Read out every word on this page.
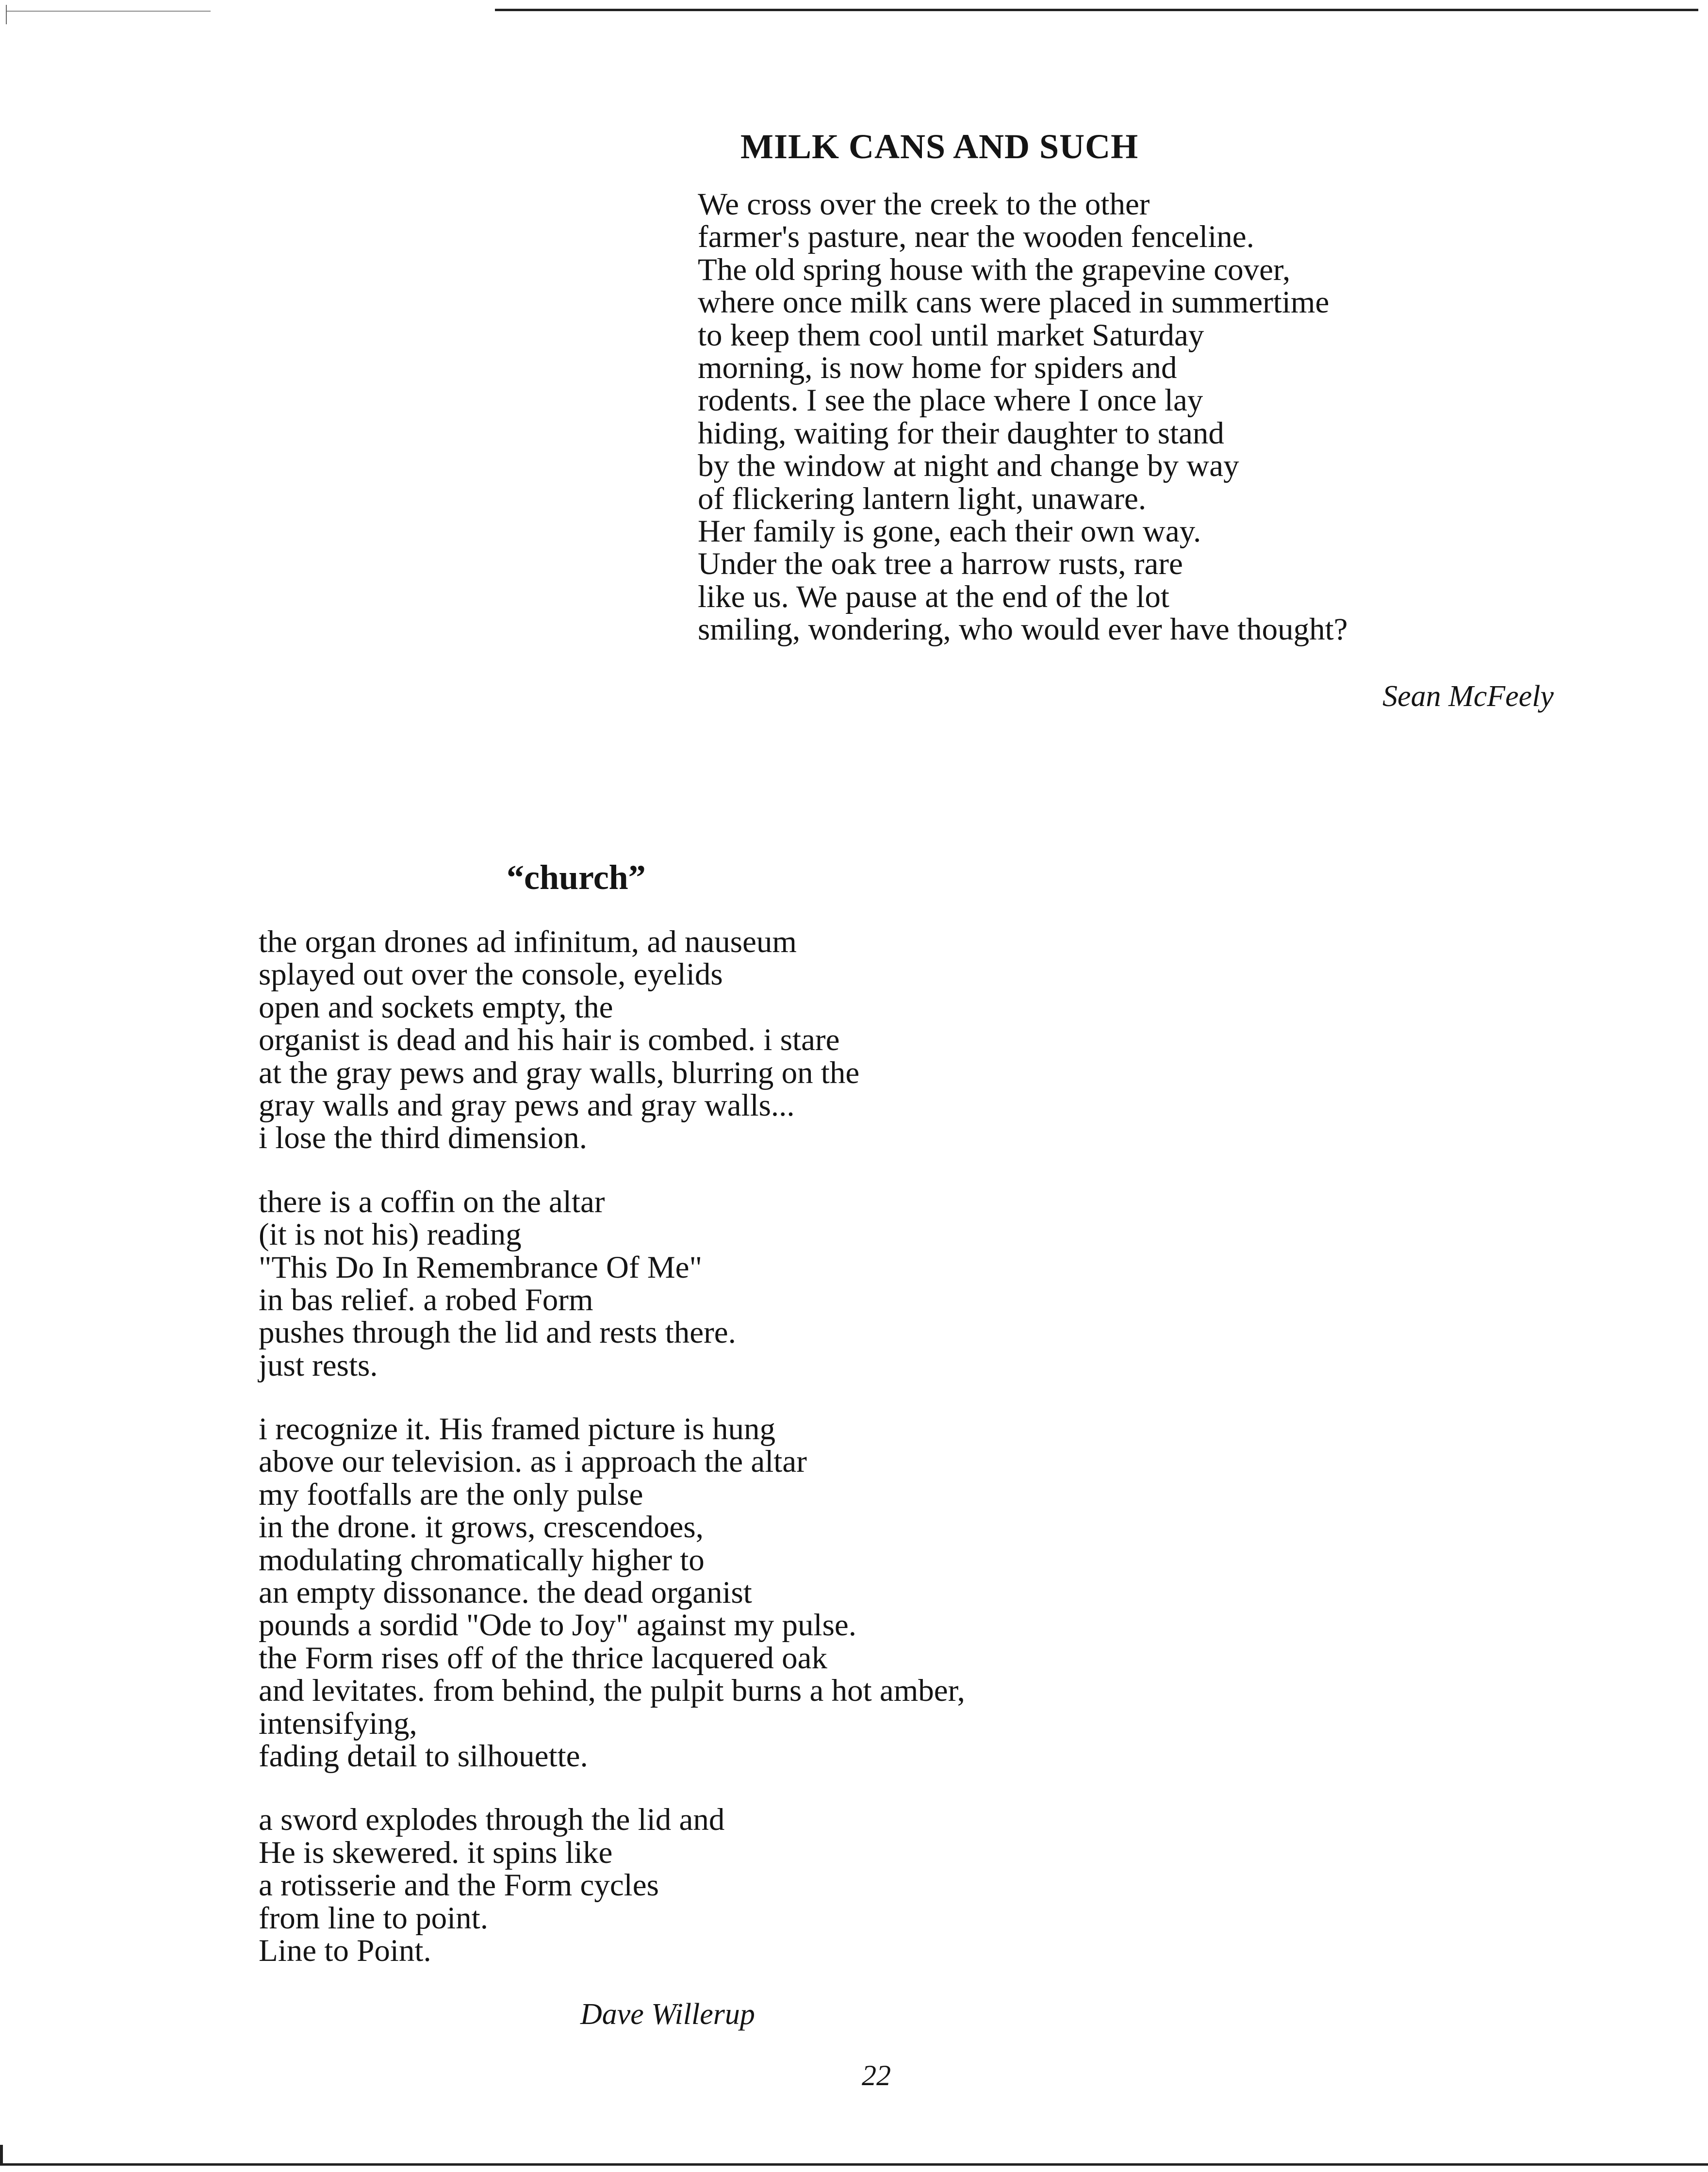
MILK CANS AND SUCH
We cross over the creek to the other
farmer's pasture, near the wooden fenceline.
The old spring house with the grapevine cover,
where once milk cans were placed in summertime
to keep them cool until market Saturday
morning, is now home for spiders and
rodents. I see the place where I once lay
hiding, waiting for their daughter to stand
by the window at night and change by way
of flickering lantern light, unaware.
Her family is gone, each their own way.
Under the oak tree a harrow rusts, rare
like us. We pause at the end of the lot
smiling, wondering, who would ever have thought?

Sean McFeely

“church”
the organ drones ad infinitum, ad nauseum
splayed out over the console, eyelids
open and sockets empty, the
organist is dead and his hair is combed. i stare
at the gray pews and gray walls, blurring on the
gray walls and gray pews and gray walls...
i lose the third dimension.
there is a coffin on the altar
(it is not his) reading
"This Do In Remembrance Of Me"
in bas relief. a robed Form
pushes through the lid and rests there.
just rests.
i recognize it. His framed picture is hung
above our television. as i approach the altar
my footfalls are the only pulse
in the drone. it grows, crescendoes,
modulating chromatically higher to
an empty dissonance. the dead organist
pounds a sordid "Ode to Joy" against my pulse.
the Form rises off of the thrice lacquered oak
and levitates. from behind, the pulpit burns a hot amber,
intensifying,
fading detail to silhouette.
a sword explodes through the lid and
He is skewered. it spins like
a rotisserie and the Form cycles
from line to point.
Line to Point.

Dave Willerup

22
